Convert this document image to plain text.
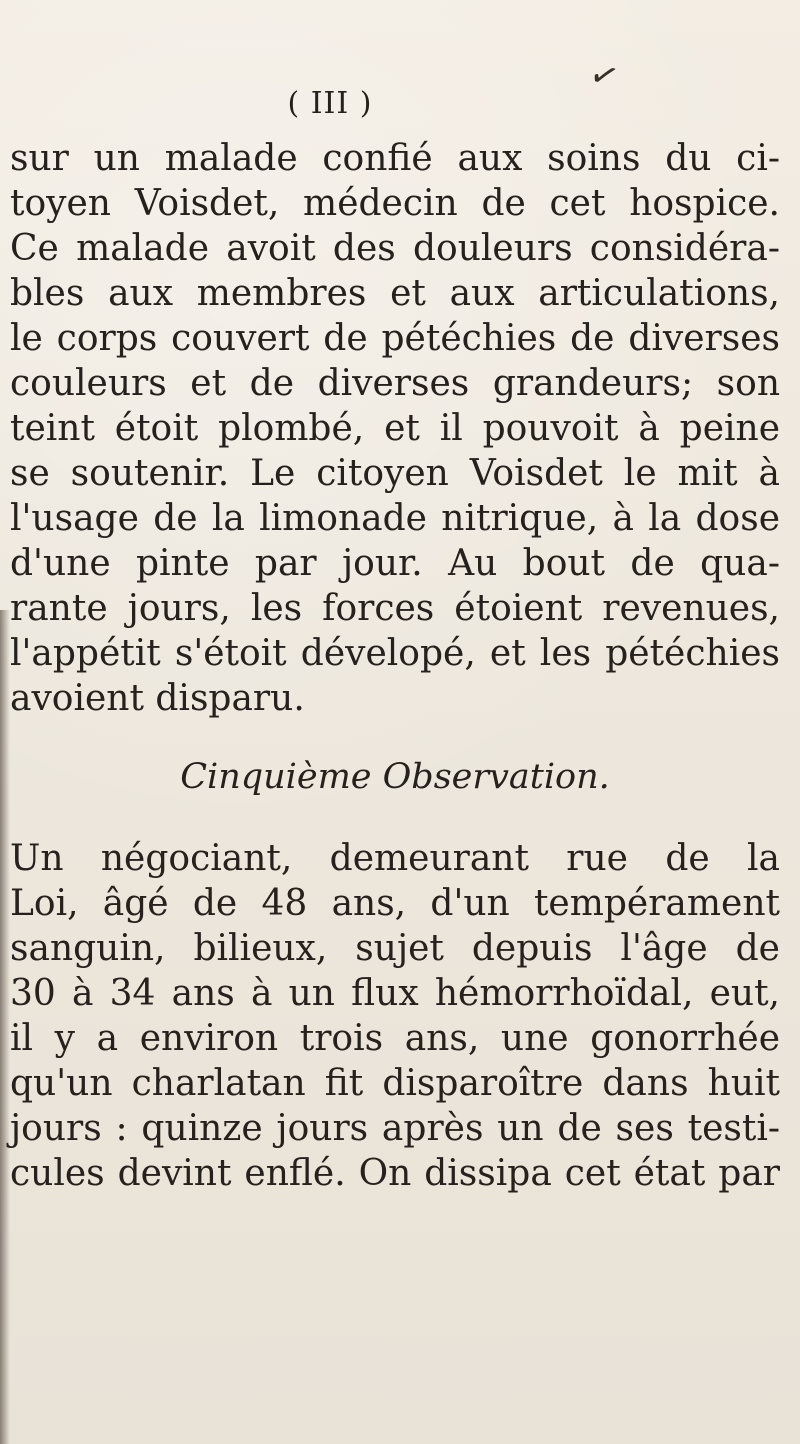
✓
( III )
sur un malade confié aux soins du ci-
toyen Voisdet, médecin de cet hospice.
Ce malade avoit des douleurs considéra-
bles aux membres et aux articulations,
le corps couvert de pétéchies de diverses
couleurs et de diverses grandeurs; son
teint étoit plombé, et il pouvoit à peine
se soutenir. Le citoyen Voisdet le mit à
l'usage de la limonade nitrique, à la dose
d'une pinte par jour. Au bout de qua-
rante jours, les forces étoient revenues,
l'appétit s'étoit dévelopé, et les pétéchies
avoient disparu.
Cinquième Observation.
Un négociant, demeurant rue de la
Loi, âgé de 48 ans, d'un tempérament
sanguin, bilieux, sujet depuis l'âge de
30 à 34 ans à un flux hémorrhoïdal, eut,
il y a environ trois ans, une gonorrhée
qu'un charlatan fit disparoître dans huit
jours : quinze jours après un de ses testi-
cules devint enflé. On dissipa cet état par
